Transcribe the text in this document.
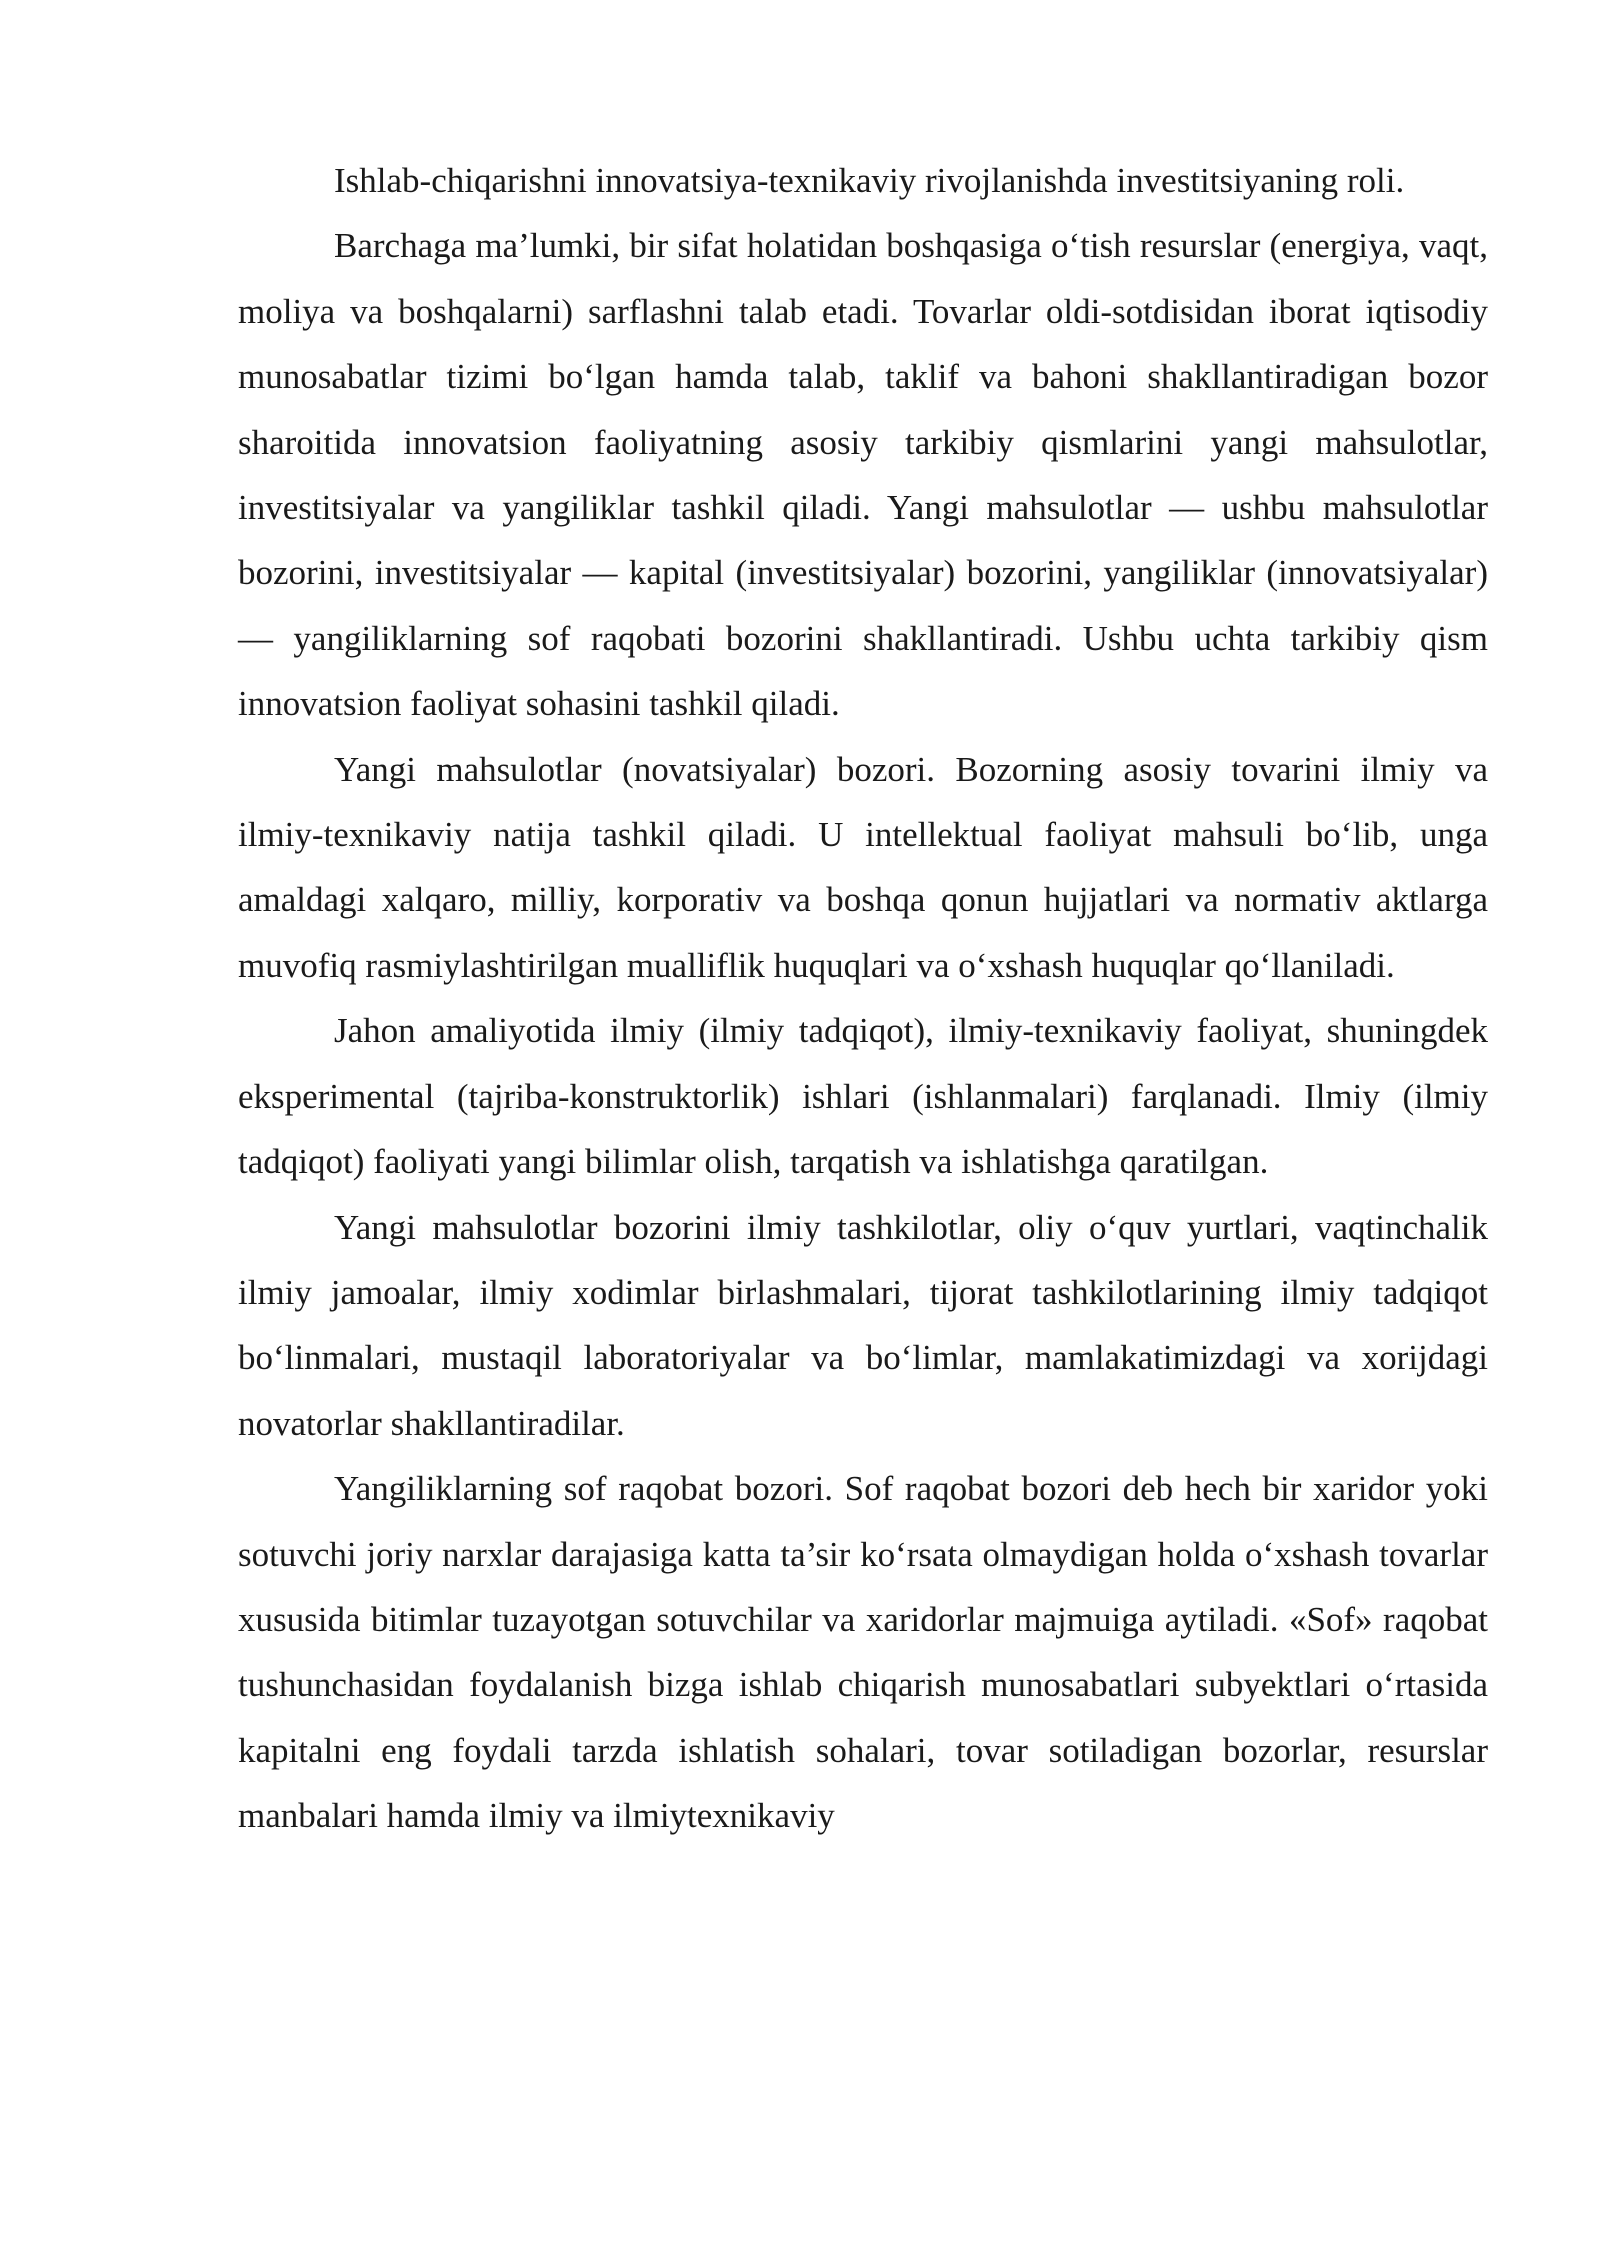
Ishlab-chiqarishni innovatsiya-texnikaviy rivojlanishda investitsiyaning roli.

Barchaga ma’lumki, bir sifat holatidan boshqasiga o‘tish resurslar (energiya, vaqt, moliya va boshqalarni) sarflashni talab etadi. Tovarlar oldi-sotdisidan iborat iqtisodiy munosabatlar tizimi bo‘lgan hamda talab, taklif va bahoni shakllantiradigan bozor sharoitida innovatsion faoliyatning asosiy tarkibiy qismlarini yangi mahsulotlar, investitsiyalar va yangiliklar tashkil qiladi. Yangi mahsulotlar — ushbu mahsulotlar bozorini, investitsiyalar — kapital (investitsiyalar) bozorini, yangiliklar (innovatsiyalar) — yangiliklarning sof raqobati bozorini shakllantiradi. Ushbu uchta tarkibiy qism innovatsion faoliyat sohasini tashkil qiladi.

Yangi mahsulotlar (novatsiyalar) bozori. Bozorning asosiy tovarini ilmiy va ilmiy-texnikaviy natija tashkil qiladi. U intellektual faoliyat mahsuli bo‘lib, unga amaldagi xalqaro, milliy, korporativ va boshqa qonun hujjatlari va normativ aktlarga muvofiq rasmiylashtirilgan mualliflik huquqlari va o‘xshash huquqlar qo‘llaniladi.

Jahon amaliyotida ilmiy (ilmiy tadqiqot), ilmiy-texnikaviy faoliyat, shuningdek eksperimental (tajriba-konstruktorlik) ishlari (ishlanmalari) farqlanadi. Ilmiy (ilmiy tadqiqot) faoliyati yangi bilimlar olish, tarqatish va ishlatishga qaratilgan.

Yangi mahsulotlar bozorini ilmiy tashkilotlar, oliy o‘quv yurtlari, vaqtinchalik ilmiy jamoalar, ilmiy xodimlar birlashmalari, tijorat tashkilotlarining ilmiy tadqiqot bo‘linmalari, mustaqil laboratoriyalar va bo‘limlar, mamlakatimizdagi va xorijdagi novatorlar shakllantiradilar.

Yangiliklarning sof raqobat bozori. Sof raqobat bozori deb hech bir xaridor yoki sotuvchi joriy narxlar darajasiga katta ta’sir ko‘rsata olmaydigan holda o‘xshash tovarlar xususida bitimlar tuzayotgan sotuvchilar va xaridorlar majmuiga aytiladi. «Sof» raqobat tushunchasidan foydalanish bizga ishlab chiqarish munosabatlari subyektlari o‘rtasida kapitalni eng foydali tarzda ishlatish sohalari, tovar sotiladigan bozorlar, resurslar manbalari hamda ilmiy va ilmiytexnikaviy
